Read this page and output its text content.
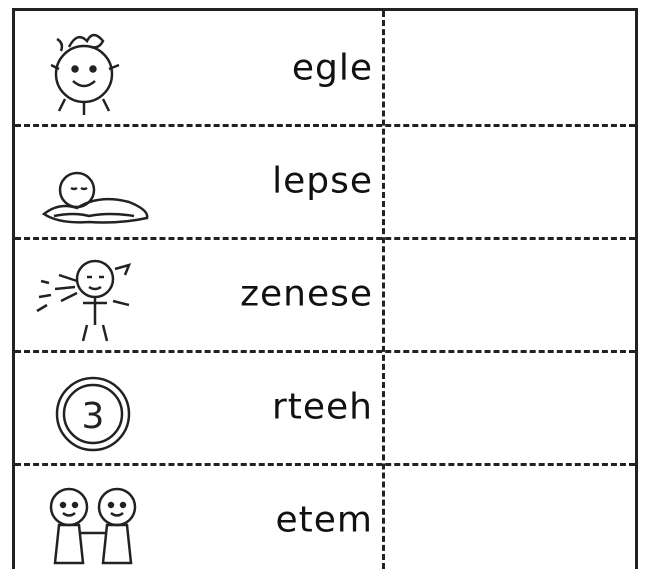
egle
lepse
zenese
3	rteeh
etem
